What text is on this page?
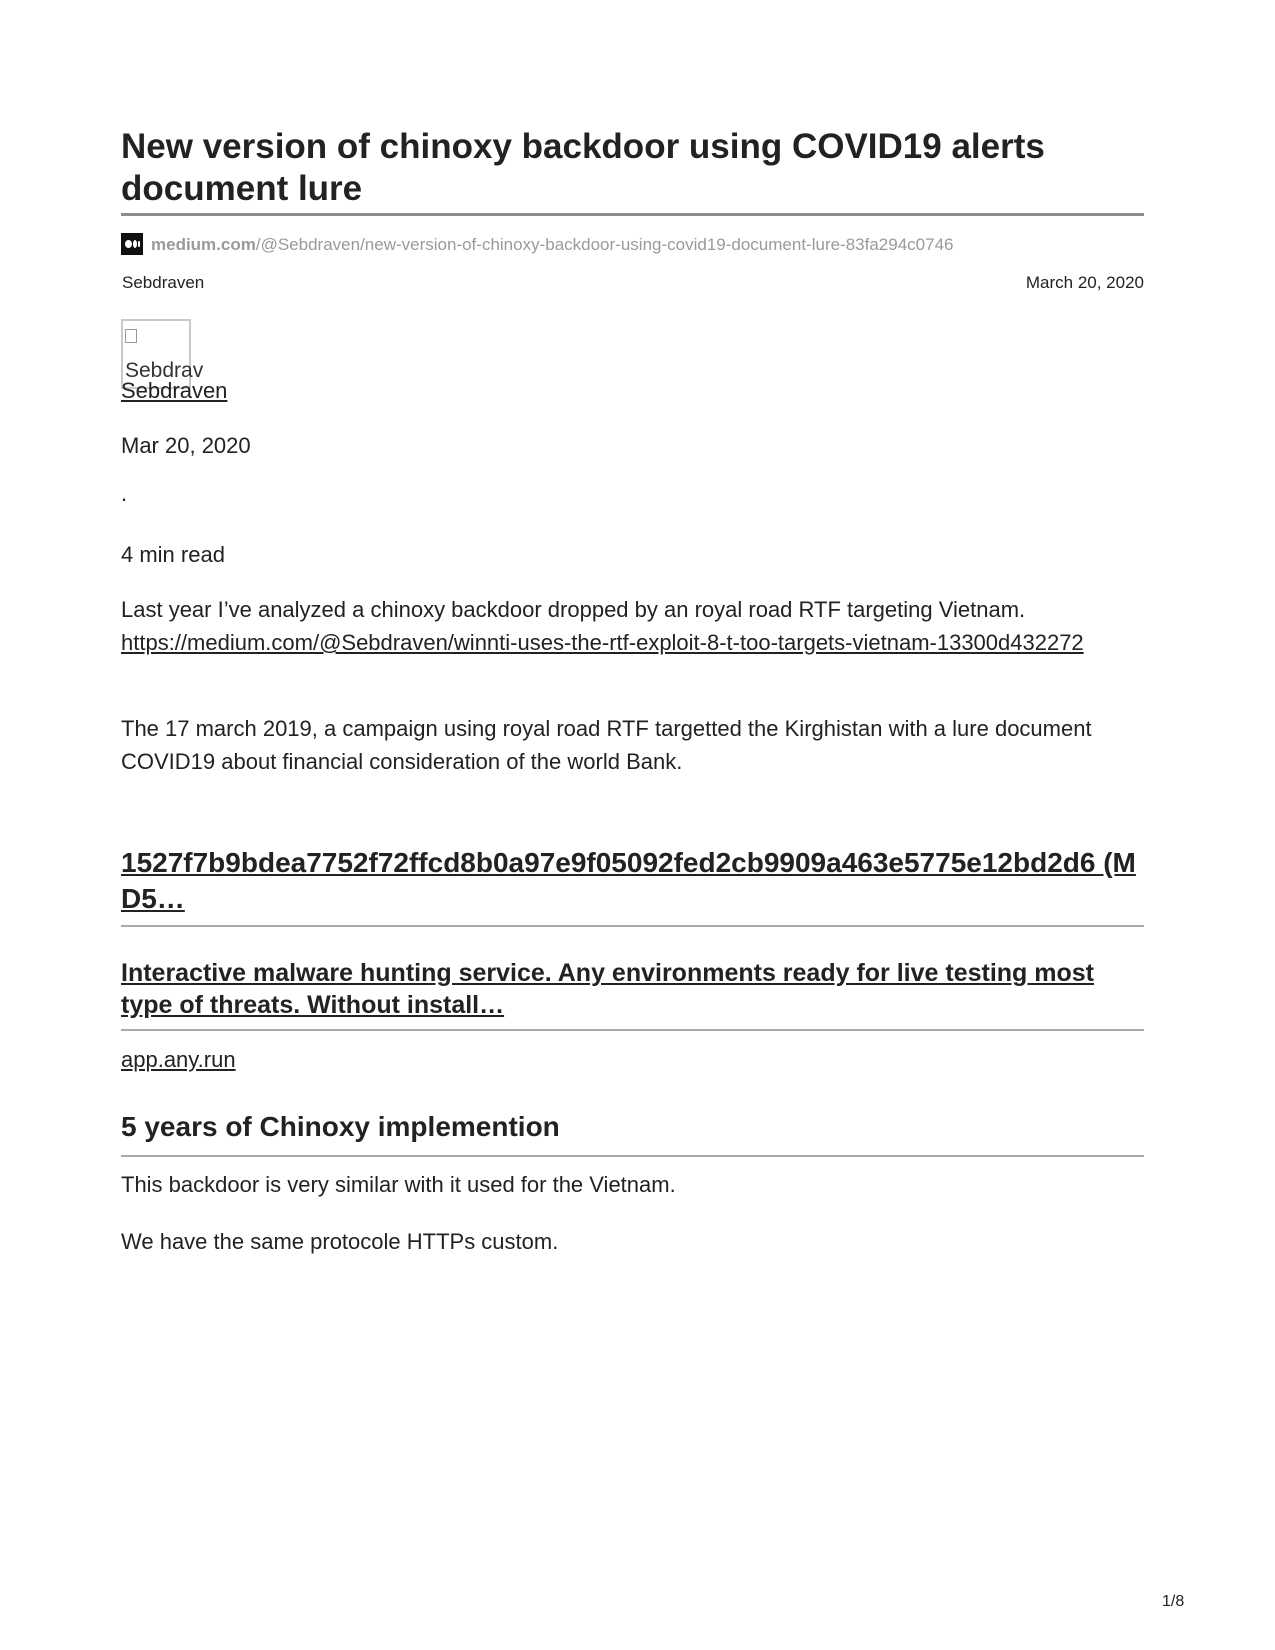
New version of chinoxy backdoor using COVID19 alerts document lure
medium.com/@Sebdraven/new-version-of-chinoxy-backdoor-using-covid19-document-lure-83fa294c0746
Sebdraven	March 20, 2020
Sebdrav
Sebdraven
Mar 20, 2020
.
4 min read
Last year I’ve analyzed a chinoxy backdoor dropped by an royal road RTF targeting Vietnam.
https://medium.com/@Sebdraven/winnti-uses-the-rtf-exploit-8-t-too-targets-vietnam-13300d432272
The 17 march 2019, a campaign using royal road RTF targetted the Kirghistan with a lure document COVID19 about financial consideration of the world Bank.
1527f7b9bdea7752f72ffcd8b0a97e9f05092fed2cb9909a463e5775e12bd2d6 (MD5…
Interactive malware hunting service. Any environments ready for live testing most type of threats. Without install…
app.any.run
5 years of Chinoxy implemention
This backdoor is very similar with it used for the Vietnam.
We have the same protocole HTTPs custom.
1/8
